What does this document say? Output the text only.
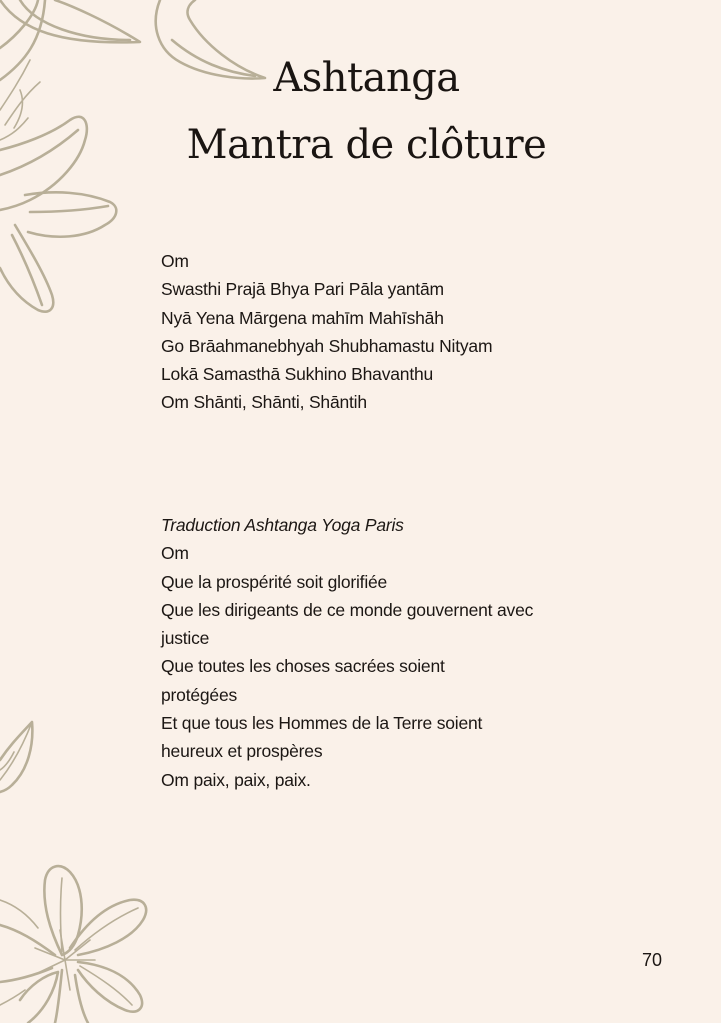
Ashtanga
Mantra de clôture
Om
Swasthi Prajā Bhya Pari Pāla yantām
Nyā Yena Mārgena mahīm Mahīshāh
Go Brāahmanebhyah Shubhamastu Nityam
Lokā Samasthā Sukhino Bhavanthu
Om Shānti, Shānti, Shāntih
Traduction Ashtanga Yoga Paris
Om
Que la prospérité soit glorifiée
Que les dirigeants de ce monde gouvernent avec justice
Que toutes les choses sacrées soient protégées
Et que tous les Hommes de la Terre soient heureux et prospères
Om paix, paix, paix.
70
